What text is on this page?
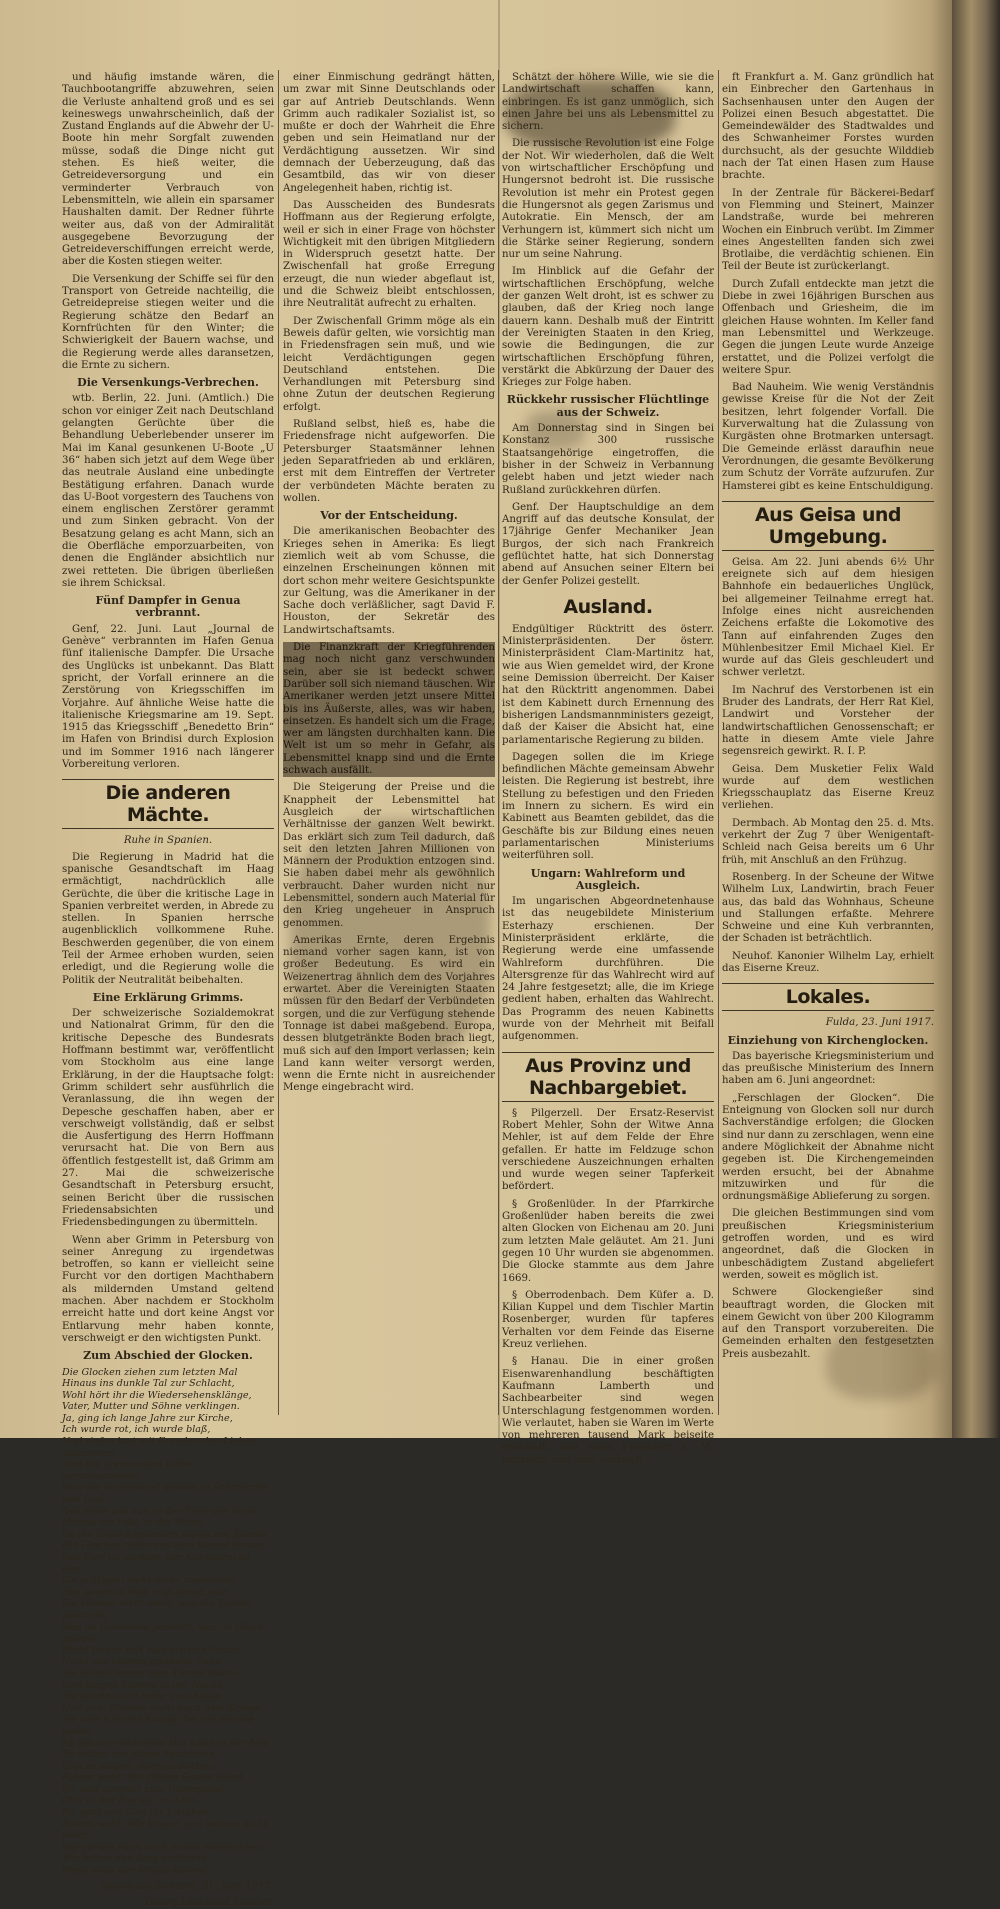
und häufig imstande wären, die Tauchbootangriffe abzuwehren, seien die Verluste anhaltend groß und es sei keineswegs unwahrscheinlich, daß der Zustand Englands auf die Abwehr der U-Boote hin mehr Sorgfalt zuwenden müsse, sodaß die Dinge nicht gut stehen. Es hieß weiter, die Getreideversorgung und ein verminderter Verbrauch von Lebensmitteln, wie allein ein sparsamer Haushalten damit. Der Redner führte weiter aus, daß von der Admiralität ausgegebene Bevorzugung der Getreideverschiffungen erreicht werde, aber die Kosten stiegen weiter.

Die Versenkung der Schiffe sei für den Transport von Getreide nachteilig, die Getreidepreise stiegen weiter und die Regierung schätze den Bedarf an Kornfrüchten für den Winter; die Schwierigkeit der Bauern wachse, und die Regierung werde alles daransetzen, die Ernte zu sichern.

Die Versenkungs-Verbrechen.

wtb. Berlin, 22. Juni. (Amtlich.) Die schon vor einiger Zeit nach Deutschland gelangten Gerüchte über die Behandlung Ueberlebender unserer im Mai im Kanal gesunkenen U-Boote „U 36“ haben sich jetzt auf dem Wege über das neutrale Ausland eine unbedingte Bestätigung erfahren. Danach wurde das U-Boot vorgestern des Tauchens von einem englischen Zerstörer gerammt und zum Sinken gebracht. Von der Besatzung gelang es acht Mann, sich an die Oberfläche emporzuarbeiten, von denen die Engländer absichtlich nur zwei retteten. Die übrigen überließen sie ihrem Schicksal.

Fünf Dampfer in Genua verbrannt.

Genf, 22. Juni. Laut „Journal de Genève“ verbrannten im Hafen Genua fünf italienische Dampfer. Die Ursache des Unglücks ist unbekannt. Das Blatt spricht, der Vorfall erinnere an die Zerstörung von Kriegsschiffen im Vorjahre. Auf ähnliche Weise hatte die italienische Kriegsmarine am 19. Sept. 1915 das Kriegsschiff „Benedetto Brin“ im Hafen von Brindisi durch Explosion und im Sommer 1916 nach längerer Vorbereitung verloren.

Die anderen Mächte.
Ruhe in Spanien.

Die Regierung in Madrid hat die spanische Gesandtschaft im Haag ermächtigt, nachdrücklich alle Gerüchte, die über die kritische Lage in Spanien verbreitet werden, in Abrede zu stellen. In Spanien herrsche augenblicklich vollkommene Ruhe. Beschwerden gegenüber, die von einem Teil der Armee erhoben wurden, seien erledigt, und die Regierung wolle die Politik der Neutralität beibehalten.

Eine Erklärung Grimms.

Der schweizerische Sozialdemokrat und Nationalrat Grimm, für den die kritische Depesche des Bundesrats Hoffmann bestimmt war, veröffentlicht vom Stockholm aus eine lange Erklärung, in der die Hauptsache folgt: Grimm schildert sehr ausführlich die Veranlassung, die ihn wegen der Depesche geschaffen haben, aber er verschweigt vollständig, daß er selbst die Ausfertigung des Herrn Hoffmann verursacht hat. Die von Bern aus öffentlich festgestellt ist, daß Grimm am 27. Mai die schweizerische Gesandtschaft in Petersburg ersucht, seinen Bericht über die russischen Friedensabsichten und Friedensbedingungen zu übermitteln.

Wenn aber Grimm in Petersburg von seiner Anregung zu irgendetwas betroffen, so kann er vielleicht seine Furcht vor den dortigen Machthabern als mildernden Umstand geltend machen. Aber nachdem er Stockholm erreicht hatte und dort keine Angst vor Entlarvung mehr haben konnte, verschweigt er den wichtigsten Punkt.

Zum Abschied der Glocken.
Die Glocken ziehen zum letzten Mal
Hinaus ins dunkle Tal zur Schlacht,
Wohl hört ihr die Wiedersehensklänge,
Vater, Mutter und Söhne verklingen.
Ja, ging ich lange Jahre zur Kirche,
Ich wurde rot, ich wurde blaß,
Und riefen laut mit Freuden den Lieben zusammen,
Und die brennenden Liebe verschwammen.
Was wir am Himmel gefühlt in Schmerzen und Lust,
Das lebte uns nun in der Tiefe der Brust,
Hinaus ins Feld, in die Weite,
Da die Glocke bedeuten wollte mit Streite.
Die Glocken rufen uns zum Kampf hinaus,
Das Dorf ist verödet, der Kirchturm ist leer,
Sie schlagen nicht mehr zusammen,
Das gesamte Volk muß bereit sein.
Sie künden nicht mehr, was die Stunde gebracht,
Was im Gemeinde gemeint, was im Glück gelacht,
Nicht ferner ruft zum ernsten Grabe,
Nicht des Lebens göttliche Gabe.
Sie holten immer vom Turme Wacht,
Und klagen Stürme in der Nacht,
Sie jubeln nicht mehr zum Siege,
Und zum Frieden nicht nach dem Kriege.
Sie zieh'n in den Kampf, bei die Stunde gebot;
Es gilt nur noch eins: Das Land in der Not
Zu retten von jähem Verderben
Und zu siegen, oder zu sterben.
Fahret wohl! Wir fühlen Gottes Hand,
Ihr seid geweiht zum Unterpfand,
Ob's in der Not sei, im Leid,
Ihr gabt uns Sieg für Ewigkeit.
Fahret wohl! Wir klagen und weinen nicht mehr,
Wir ziehen euch nach in den Heldenheer,
Wir haben den Sieg erstritten,
Wenn einst der Friede kommt.
Steinhaus-Birstein, 21. Juni 1917.
Georg Leonhard Fischer.

einer Einmischung gedrängt hätten, um zwar mit Sinne Deutschlands oder gar auf Antrieb Deutschlands. Wenn Grimm auch radikaler Sozialist ist, so mußte er doch der Wahrheit die Ehre geben und sein Heimatland nur der Verdächtigung aussetzen. Wir sind demnach der Ueberzeugung, daß das Gesamtbild, das wir von dieser Angelegenheit haben, richtig ist.

Das Ausscheiden des Bundesrats Hoffmann aus der Regierung erfolgte, weil er sich in einer Frage von höchster Wichtigkeit mit den übrigen Mitgliedern in Widerspruch gesetzt hatte. Der Zwischenfall hat große Erregung erzeugt, die nun wieder abgeflaut ist, und die Schweiz bleibt entschlossen, ihre Neutralität aufrecht zu erhalten.

Der Zwischenfall Grimm möge als ein Beweis dafür gelten, wie vorsichtig man in Friedensfragen sein muß, und wie leicht Verdächtigungen gegen Deutschland entstehen. Die Verhandlungen mit Petersburg sind ohne Zutun der deutschen Regierung erfolgt.

Rußland selbst, hieß es, habe die Friedensfrage nicht aufgeworfen. Die Petersburger Staatsmänner lehnen jeden Separatfrieden ab und erklären, erst mit dem Eintreffen der Vertreter der verbündeten Mächte beraten zu wollen.

Vor der Entscheidung.

Die amerikanischen Beobachter des Krieges sehen in Amerika: Es liegt ziemlich weit ab vom Schusse, die einzelnen Erscheinungen können mit dort schon mehr weitere Gesichtspunkte zur Geltung, was die Amerikaner in der Sache doch verläßlicher, sagt David F. Houston, der Sekretär des Landwirtschaftsamts.

Die Finanzkraft der Kriegführenden mag noch nicht ganz verschwunden sein, aber sie ist bedeckt schwer. Darüber soll sich niemand täuschen. Wir Amerikaner werden jetzt unsere Mittel bis ins Äußerste, alles, was wir haben, einsetzen. Es handelt sich um die Frage, wer am längsten durchhalten kann. Die Welt ist um so mehr in Gefahr, als Lebensmittel knapp sind und die Ernte schwach ausfällt.

Die Steigerung der Preise und die Knappheit der Lebensmittel hat Ausgleich der wirtschaftlichen Verhältnisse der ganzen Welt bewirkt. Das erklärt sich zum Teil dadurch, daß seit den letzten Jahren Millionen von Männern der Produktion entzogen sind. Sie haben dabei mehr als gewöhnlich verbraucht. Daher wurden nicht nur Lebensmittel, sondern auch Material für den Krieg ungeheuer in Anspruch genommen.

Amerikas Ernte, deren Ergebnis niemand vorher sagen kann, ist von großer Bedeutung. Es wird ein Weizenertrag ähnlich dem des Vorjahres erwartet. Aber die Vereinigten Staaten müssen für den Bedarf der Verbündeten sorgen, und die zur Verfügung stehende Tonnage ist dabei maßgebend. Europa, dessen blutgetränkte Boden brach liegt, muß sich auf den Import verlassen; kein Land kann weiter versorgt werden, wenn die Ernte nicht in ausreichender Menge eingebracht wird.

Schätzt der höhere Wille, wie sie die Landwirtschaft schaffen kann, einbringen. Es ist ganz unmöglich, sich einen Jahre bei uns als Lebensmittel zu sichern.

Die russische Revolution ist eine Folge der Not. Wir wiederholen, daß die Welt von wirtschaftlicher Erschöpfung und Hungersnot bedroht ist. Die russische Revolution ist mehr ein Protest gegen die Hungersnot als gegen Zarismus und Autokratie. Ein Mensch, der am Verhungern ist, kümmert sich nicht um die Stärke seiner Regierung, sondern nur um seine Nahrung.

Im Hinblick auf die Gefahr der wirtschaftlichen Erschöpfung, welche der ganzen Welt droht, ist es schwer zu glauben, daß der Krieg noch lange dauern kann. Deshalb muß der Eintritt der Vereinigten Staaten in den Krieg, sowie die Bedingungen, die zur wirtschaftlichen Erschöpfung führen, verstärkt die Abkürzung der Dauer des Krieges zur Folge haben.

Rückkehr russischer Flüchtlinge aus der Schweiz.

Am Donnerstag sind in Singen bei Konstanz 300 russische Staatsangehörige eingetroffen, die bisher in der Schweiz in Verbannung gelebt haben und jetzt wieder nach Rußland zurückkehren dürfen.

Genf. Der Hauptschuldige an dem Angriff auf das deutsche Konsulat, der 17jährige Genfer Mechaniker Jean Burgos, der sich nach Frankreich geflüchtet hatte, hat sich Donnerstag abend auf Ansuchen seiner Eltern bei der Genfer Polizei gestellt.

Ausland.

Endgültiger Rücktritt des österr. Ministerpräsidenten. Der österr. Ministerpräsident Clam-Martinitz hat, wie aus Wien gemeldet wird, der Krone seine Demission überreicht. Der Kaiser hat den Rücktritt angenommen. Dabei ist dem Kabinett durch Ernennung des bisherigen Landsmannministers gezeigt, daß der Kaiser die Absicht hat, eine parlamentarische Regierung zu bilden.

Dagegen sollen die im Kriege befindlichen Mächte gemeinsam Abwehr leisten. Die Regierung ist bestrebt, ihre Stellung zu befestigen und den Frieden im Innern zu sichern. Es wird ein Kabinett aus Beamten gebildet, das die Geschäfte bis zur Bildung eines neuen parlamentarischen Ministeriums weiterführen soll.

Ungarn: Wahlreform und Ausgleich.

Im ungarischen Abgeordnetenhause ist das neugebildete Ministerium Esterhazy erschienen. Der Ministerpräsident erklärte, die Regierung werde eine umfassende Wahlreform durchführen. Die Altersgrenze für das Wahlrecht wird auf 24 Jahre festgesetzt; alle, die im Kriege gedient haben, erhalten das Wahlrecht. Das Programm des neuen Kabinetts wurde von der Mehrheit mit Beifall aufgenommen.

Aus Provinz und Nachbargebiet.

§ Pilgerzell. Der Ersatz-Reservist Robert Mehler, Sohn der Witwe Anna Mehler, ist auf dem Felde der Ehre gefallen. Er hatte im Feldzuge schon verschiedene Auszeichnungen erhalten und wurde wegen seiner Tapferkeit befördert.

§ Großenlüder. In der Pfarrkirche Großenlüder haben bereits die zwei alten Glocken von Eichenau am 20. Juni zum letzten Male geläutet. Am 21. Juni gegen 10 Uhr wurden sie abgenommen. Die Glocke stammte aus dem Jahre 1669.

§ Oberrodenbach. Dem Küfer a. D. Kilian Kuppel und dem Tischler Martin Rosenberger, wurden für tapferes Verhalten vor dem Feinde das Eiserne Kreuz verliehen.

§ Hanau. Die in einer großen Eisenwarenhandlung beschäftigten Kaufmann Lamberth und Sachbearbeiter sind wegen Unterschlagung festgenommen worden. Wie verlautet, haben sie Waren im Werte von mehreren tausend Mark beiseite geschafft und nach Frankfurt a. M. gebracht und dort verkauft.

ft Frankfurt a. M. Ganz gründlich hat ein Einbrecher den Gartenhaus in Sachsenhausen unter den Augen der Polizei einen Besuch abgestattet. Die Gemeindewälder des Stadtwaldes und des Schwanheimer Forstes wurden durchsucht, als der gesuchte Wilddieb nach der Tat einen Hasen zum Hause brachte.

In der Zentrale für Bäckerei-Bedarf von Flemming und Steinert, Mainzer Landstraße, wurde bei mehreren Wochen ein Einbruch verübt. Im Zimmer eines Angestellten fanden sich zwei Brotlaibe, die verdächtig schienen. Ein Teil der Beute ist zurückerlangt.

Durch Zufall entdeckte man jetzt die Diebe in zwei 16jährigen Burschen aus Offenbach und Griesheim, die im gleichen Hause wohnten. Im Keller fand man Lebensmittel und Werkzeuge. Gegen die jungen Leute wurde Anzeige erstattet, und die Polizei verfolgt die weitere Spur.

Bad Nauheim. Wie wenig Verständnis gewisse Kreise für die Not der Zeit besitzen, lehrt folgender Vorfall. Die Kurverwaltung hat die Zulassung von Kurgästen ohne Brotmarken untersagt. Die Gemeinde erlässt daraufhin neue Verordnungen, die gesamte Bevölkerung zum Schutz der Vorräte aufzurufen. Zur Hamsterei gibt es keine Entschuldigung.

Aus Geisa und Umgebung.

Geisa. Am 22. Juni abends 6½ Uhr ereignete sich auf dem hiesigen Bahnhofe ein bedauerliches Unglück, bei allgemeiner Teilnahme erregt hat. Infolge eines nicht ausreichenden Zeichens erfaßte die Lokomotive des Tann auf einfahrenden Zuges den Mühlenbesitzer Emil Michael Kiel. Er wurde auf das Gleis geschleudert und schwer verletzt.

Im Nachruf des Verstorbenen ist ein Bruder des Landrats, der Herr Rat Kiel, Landwirt und Vorsteher der landwirtschaftlichen Genossenschaft; er hatte in diesem Amte viele Jahre segensreich gewirkt. R. I. P.

Geisa. Dem Musketier Felix Wald wurde auf dem westlichen Kriegsschauplatz das Eiserne Kreuz verliehen.

Dermbach. Ab Montag den 25. d. Mts. verkehrt der Zug 7 über Wenigentaft-Schleid nach Geisa bereits um 6 Uhr früh, mit Anschluß an den Frühzug.

Rosenberg. In der Scheune der Witwe Wilhelm Lux, Landwirtin, brach Feuer aus, das bald das Wohnhaus, Scheune und Stallungen erfaßte. Mehrere Schweine und eine Kuh verbrannten, der Schaden ist beträchtlich.

Neuhof. Kanonier Wilhelm Lay, erhielt das Eiserne Kreuz.

Lokales.
Fulda, 23. Juni 1917.
Einziehung von Kirchenglocken.

Das bayerische Kriegsministerium und das preußische Ministerium des Innern haben am 6. Juni angeordnet:

„Ferschlagen der Glocken“. Die Enteignung von Glocken soll nur durch Sachverständige erfolgen; die Glocken sind nur dann zu zerschlagen, wenn eine andere Möglichkeit der Abnahme nicht gegeben ist. Die Kirchengemeinden werden ersucht, bei der Abnahme mitzuwirken und für die ordnungsmäßige Ablieferung zu sorgen.

Die gleichen Bestimmungen sind vom preußischen Kriegsministerium getroffen worden, und es wird angeordnet, daß die Glocken in unbeschädigtem Zustand abgeliefert werden, soweit es möglich ist.

Schwere Glockengießer sind beauftragt worden, die Glocken mit einem Gewicht von über 200 Kilogramm auf den Transport vorzubereiten. Die Gemeinden erhalten den festgesetzten Preis ausbezahlt.
